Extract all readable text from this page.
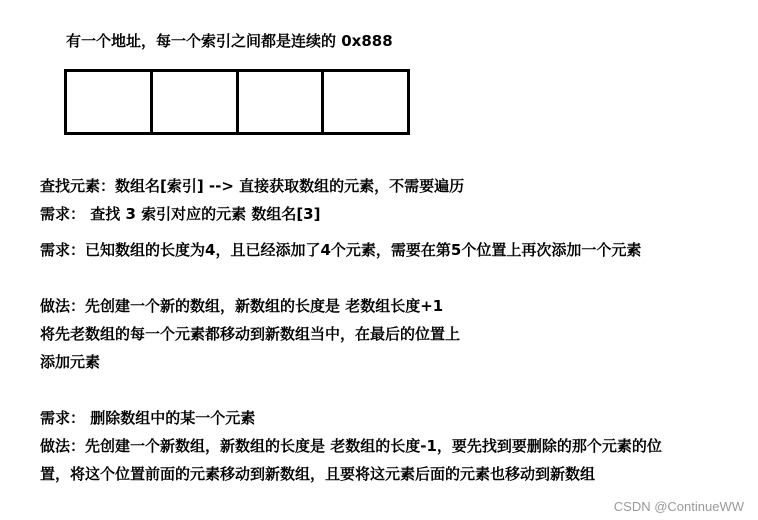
有一个地址，每一个索引之间都是连续的 0x888
查找元素：数组名[索引] --> 直接获取数组的元素，不需要遍历
需求： 查找 3 索引对应的元素 数组名[3]
需求：已知数组的长度为4，且已经添加了4个元素，需要在第5个位置上再次添加一个元素
做法：先创建一个新的数组，新数组的长度是 老数组长度+1
将先老数组的每一个元素都移动到新数组当中，在最后的位置上
添加元素
需求： 删除数组中的某一个元素
做法：先创建一个新数组，新数组的长度是 老数组的长度-1，要先找到要删除的那个元素的位
置，将这个位置前面的元素移动到新数组，且要将这元素后面的元素也移动到新数组
CSDN @ContinueWW
